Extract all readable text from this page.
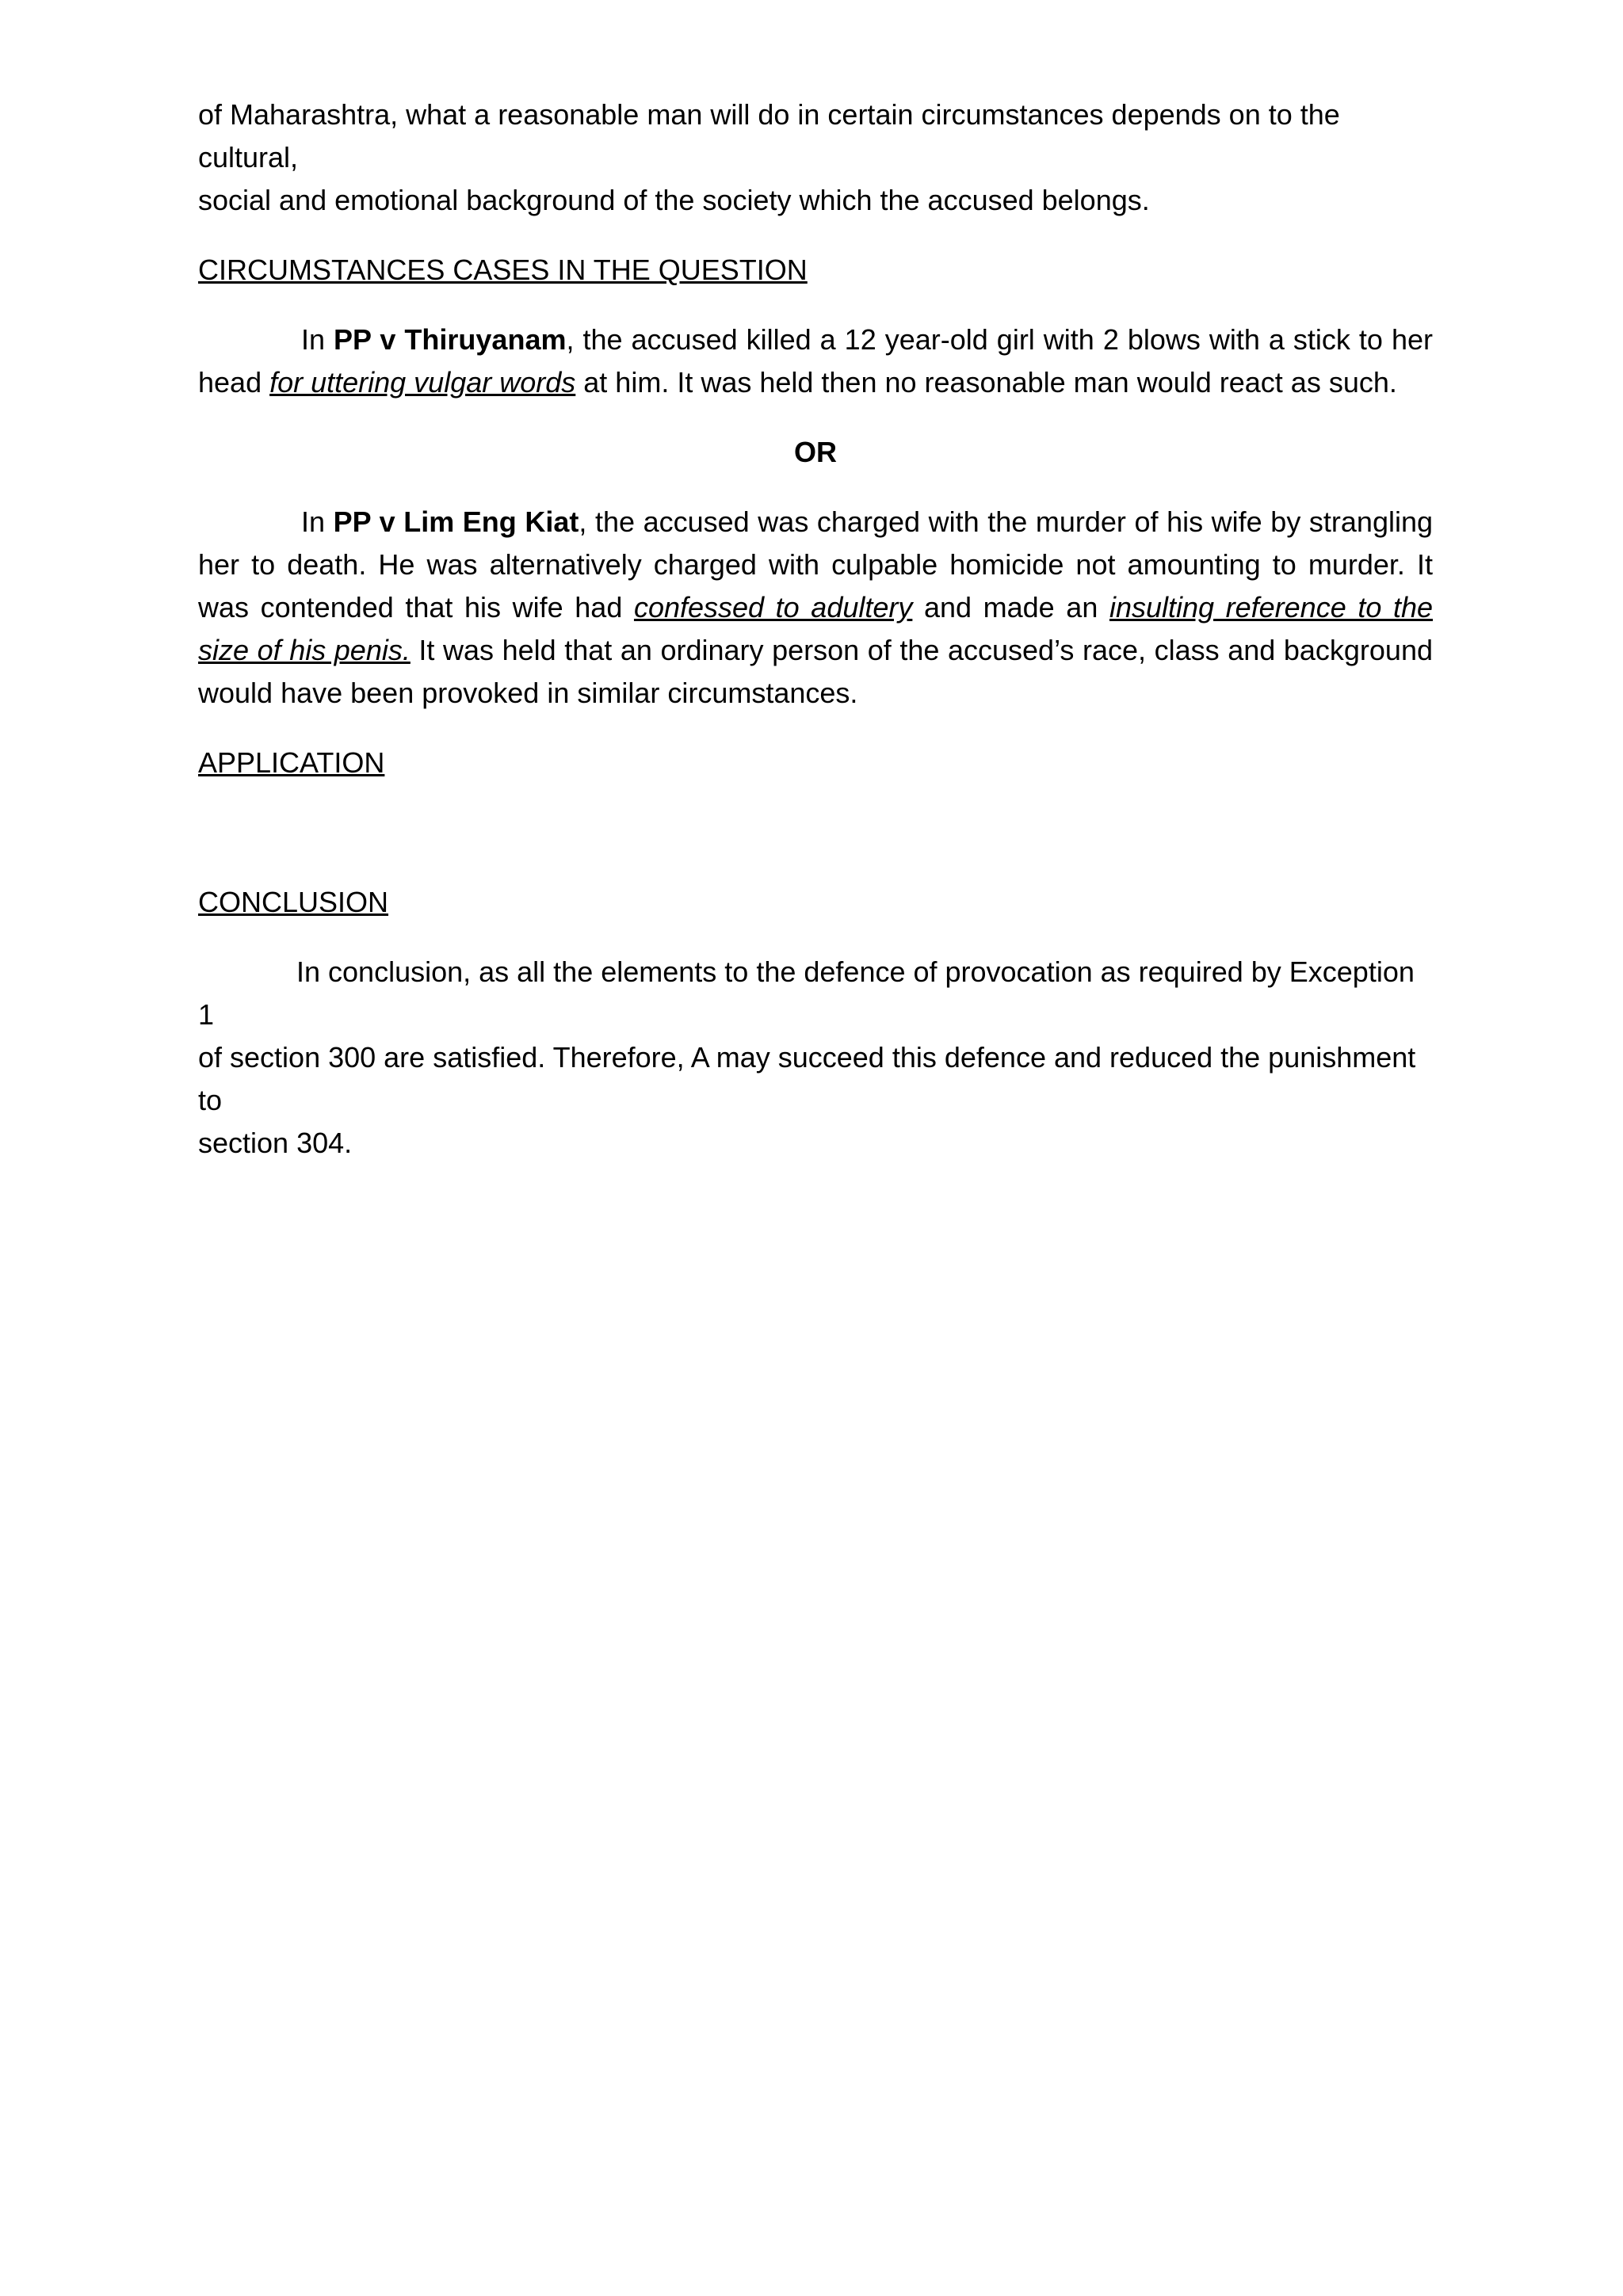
of Maharashtra, what a reasonable man will do in certain circumstances depends on to the cultural,
social and emotional background of the society which the accused belongs.

CIRCUMSTANCES CASES IN THE QUESTION

In PP v Thiruyanam, the accused killed a 12 year-old girl with 2 blows with a stick to her head for uttering vulgar words at him. It was held then no reasonable man would react as such.

OR

In PP v Lim Eng Kiat, the accused was charged with the murder of his wife by strangling her to death. He was alternatively charged with culpable homicide not amounting to murder. It was contended that his wife had confessed to adultery and made an insulting reference to the size of his penis. It was held that an ordinary person of the accused’s race, class and background would have been provoked in similar circumstances.

APPLICATION

CONCLUSION

In conclusion, as all the elements to the defence of provocation as required by Exception 1
of section 300 are satisfied. Therefore, A may succeed this defence and reduced the punishment to
section 304.
